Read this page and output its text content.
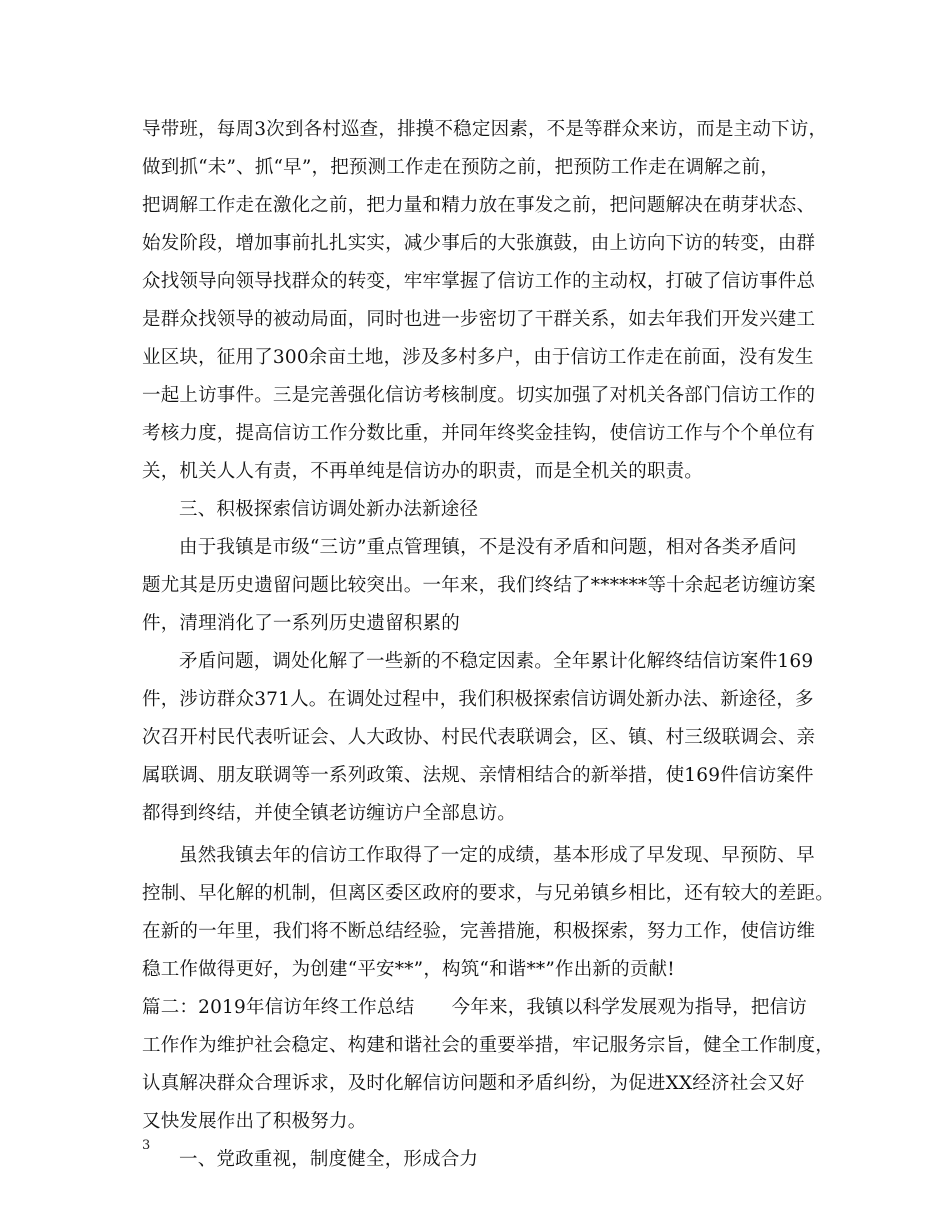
导带班，每周3次到各村巡查，排摸不稳定因素，不是等群众来访，而是主动下访，
做到抓“未”、抓“早”，把预测工作走在预防之前，把预防工作走在调解之前，
把调解工作走在激化之前，把力量和精力放在事发之前，把问题解决在萌芽状态、
始发阶段，增加事前扎扎实实，减少事后的大张旗鼓，由上访向下访的转变，由群
众找领导向领导找群众的转变，牢牢掌握了信访工作的主动权，打破了信访事件总
是群众找领导的被动局面，同时也进一步密切了干群关系，如去年我们开发兴建工
业区块，征用了300余亩土地，涉及多村多户，由于信访工作走在前面，没有发生
一起上访事件。三是完善强化信访考核制度。切实加强了对机关各部门信访工作的
考核力度，提高信访工作分数比重，并同年终奖金挂钩，使信访工作与个个单位有
关，机关人人有责，不再单纯是信访办的职责，而是全机关的职责。
三、积极探索信访调处新办法新途径
由于我镇是市级“三访”重点管理镇，不是没有矛盾和问题，相对各类矛盾问
题尤其是历史遗留问题比较突出。一年来，我们终结了******等十余起老访缠访案
件，清理消化了一系列历史遗留积累的
矛盾问题，调处化解了一些新的不稳定因素。全年累计化解终结信访案件169
件，涉访群众371人。在调处过程中，我们积极探索信访调处新办法、新途径，多
次召开村民代表听证会、人大政协、村民代表联调会，区、镇、村三级联调会、亲
属联调、朋友联调等一系列政策、法规、亲情相结合的新举措，使169件信访案件
都得到终结，并使全镇老访缠访户全部息访。
虽然我镇去年的信访工作取得了一定的成绩，基本形成了早发现、早预防、早
控制、早化解的机制，但离区委区政府的要求，与兄弟镇乡相比，还有较大的差距。
在新的一年里，我们将不断总结经验，完善措施，积极探索，努力工作，使信访维
稳工作做得更好，为创建“平安**”，构筑“和谐**”作出新的贡献!
篇二：2019年信访年终工作总结　　今年来，我镇以科学发展观为指导，把信访
工作作为维护社会稳定、构建和谐社会的重要举措，牢记服务宗旨，健全工作制度，
认真解决群众合理诉求，及时化解信访问题和矛盾纠纷，为促进XX经济社会又好
又快发展作出了积极努力。
一、党政重视，制度健全，形成合力
3
